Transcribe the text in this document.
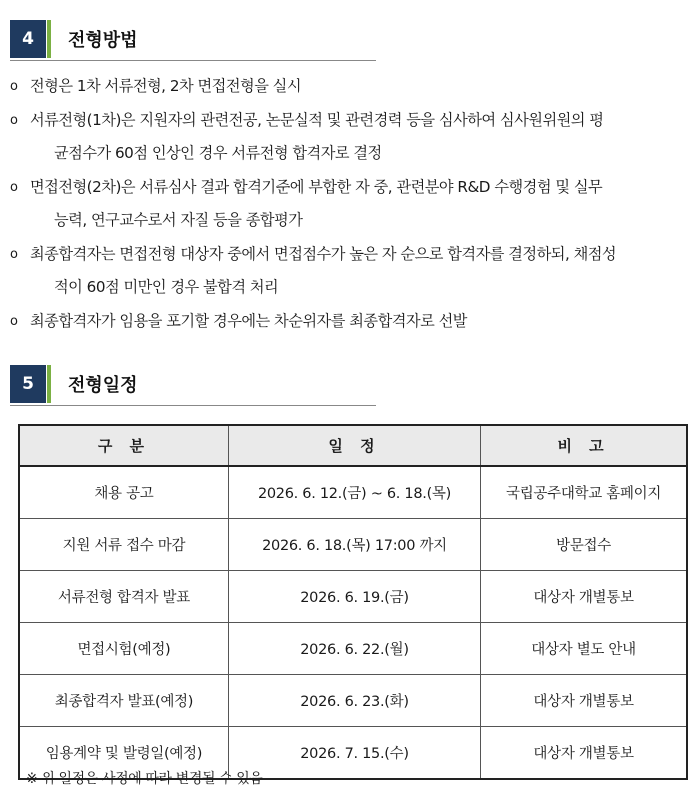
4	전형방법
o 전형은 1차 서류전형, 2차 면접전형을 실시
o 서류전형(1차)은 지원자의 관련전공, 논문실적 및 관련경력 등을 심사하여 심사원위원의 평
균점수가 60점 인상인 경우 서류전형 합격자로 결정
o 면접전형(2차)은 서류심사 결과 합격기준에 부합한 자 중, 관련분야 R&D 수행경험 및 실무
능력, 연구교수로서 자질 등을 종합평가
o 최종합격자는 면접전형 대상자 중에서 면접점수가 높은 자 순으로 합격자를 결정하되, 채점성
적이 60점 미만인 경우 불합격 처리
o 최종합격자가 임용을 포기할 경우에는 차순위자를 최종합격자로 선발
5	전형일정
구 분	일 정	비 고
채용 공고	2026. 6. 12.(금) ~ 6. 18.(목)	국립공주대학교 홈페이지
지원 서류 접수 마감	2026. 6. 18.(목) 17:00 까지	방문접수
서류전형 합격자 발표	2026. 6. 19.(금)	대상자 개별통보
면접시험(예정)	2026. 6. 22.(월)	대상자 별도 안내
최종합격자 발표(예정)	2026. 6. 23.(화)	대상자 개별통보
임용계약 및 발령일(예정)	2026. 7. 15.(수)	대상자 개별통보
※ 위 일정은 사정에 따라 변경될 수 있음
